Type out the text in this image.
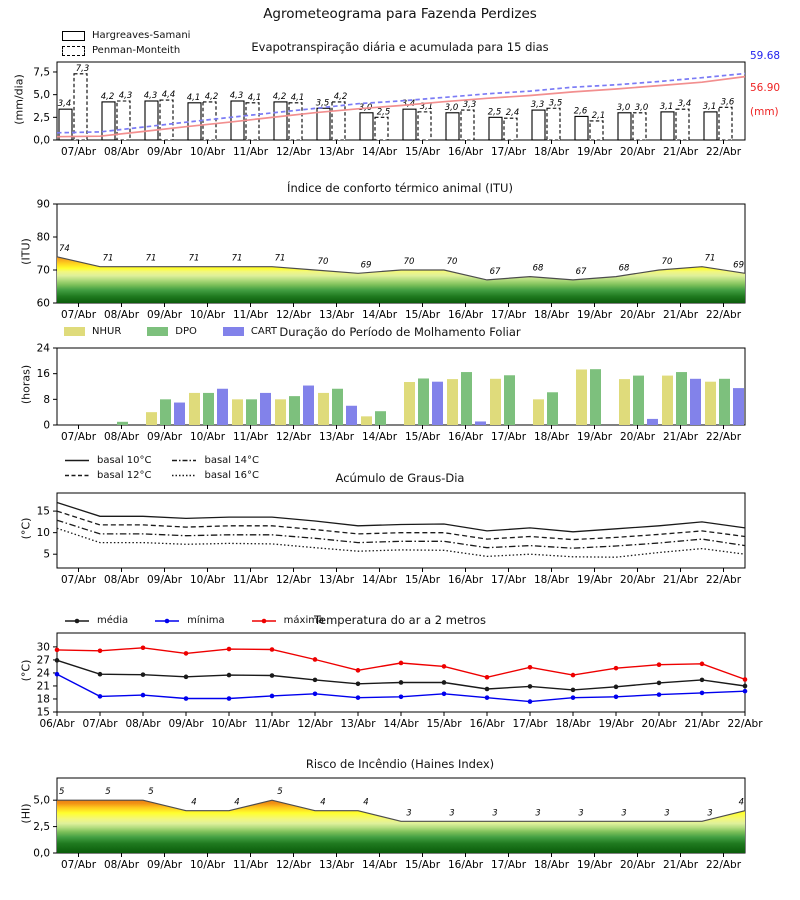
0,0
2,5
5,0
7,5
07/Abr 08/Abr 09/Abr 10/Abr 11/Abr 12/Abr 13/Abr 14/Abr 15/Abr 16/Abr 17/Abr 18/Abr 19/Abr 20/Abr 21/Abr 22/Abr
3,4
4,2	4,3	4,1	4,3	4,2
3,5	3,0	3,4	3,0	2,5
3,3
2,6	3,0	3,1	3,1
7,3
4,3	4,4	4,2	4,1	4,1	4,2
2,5
3,1	3,3
2,4
3,5
2,1
3,0	3,4	3,6
60
70
80
90
07/Abr 08/Abr 09/Abr 10/Abr 11/Abr 12/Abr 13/Abr 14/Abr 15/Abr 16/Abr 17/Abr 18/Abr 19/Abr 20/Abr 21/Abr 22/Abr
74
71	71	71	71	71	70	69	70	70
67	68	67	68
70	71
69
0
8
16
24
07/Abr 08/Abr 09/Abr 10/Abr 11/Abr 12/Abr 13/Abr 14/Abr 15/Abr 16/Abr 17/Abr 18/Abr 19/Abr 20/Abr 21/Abr 22/Abr
5
10
15
07/Abr 08/Abr 09/Abr 10/Abr 11/Abr 12/Abr 13/Abr 14/Abr 15/Abr 16/Abr 17/Abr 18/Abr 19/Abr 20/Abr 21/Abr 22/Abr
15
18
21
24
27
30
06/Abr 07/Abr 08/Abr 09/Abr 10/Abr 11/Abr 12/Abr 13/Abr 14/Abr 15/Abr 16/Abr 17/Abr 18/Abr 19/Abr 20/Abr 21/Abr 22/Abr
0,0
2,5
5,0
07/Abr 08/Abr 09/Abr 10/Abr 11/Abr 12/Abr 13/Abr 14/Abr 15/Abr 16/Abr 17/Abr 18/Abr 19/Abr 20/Abr 21/Abr 22/Abr
5	5	5
4	4
5
4	4
3	3	3	3	3	3	3	3
4
Agrometeograma para Fazenda Perdizes
Evapotranspiração diária e acumulada para 15 dias
Índice de conforto térmico animal (ITU)
Duração do Período de Molhamento Foliar
Acúmulo de Graus-Dia
Temperatura do ar a 2 metros
Risco de Incêndio (Haines Index)
(mm/dia)
(ITU)
(horas)
(°C)
(°C)
(HI)
59.68
56.90
(mm)
Hargreaves-Samani
Penman-Monteith
NHUR	DPO	CART
basal 10°C
basal 12°C
basal 14°C
basal 16°C
média	mínima	máxima
